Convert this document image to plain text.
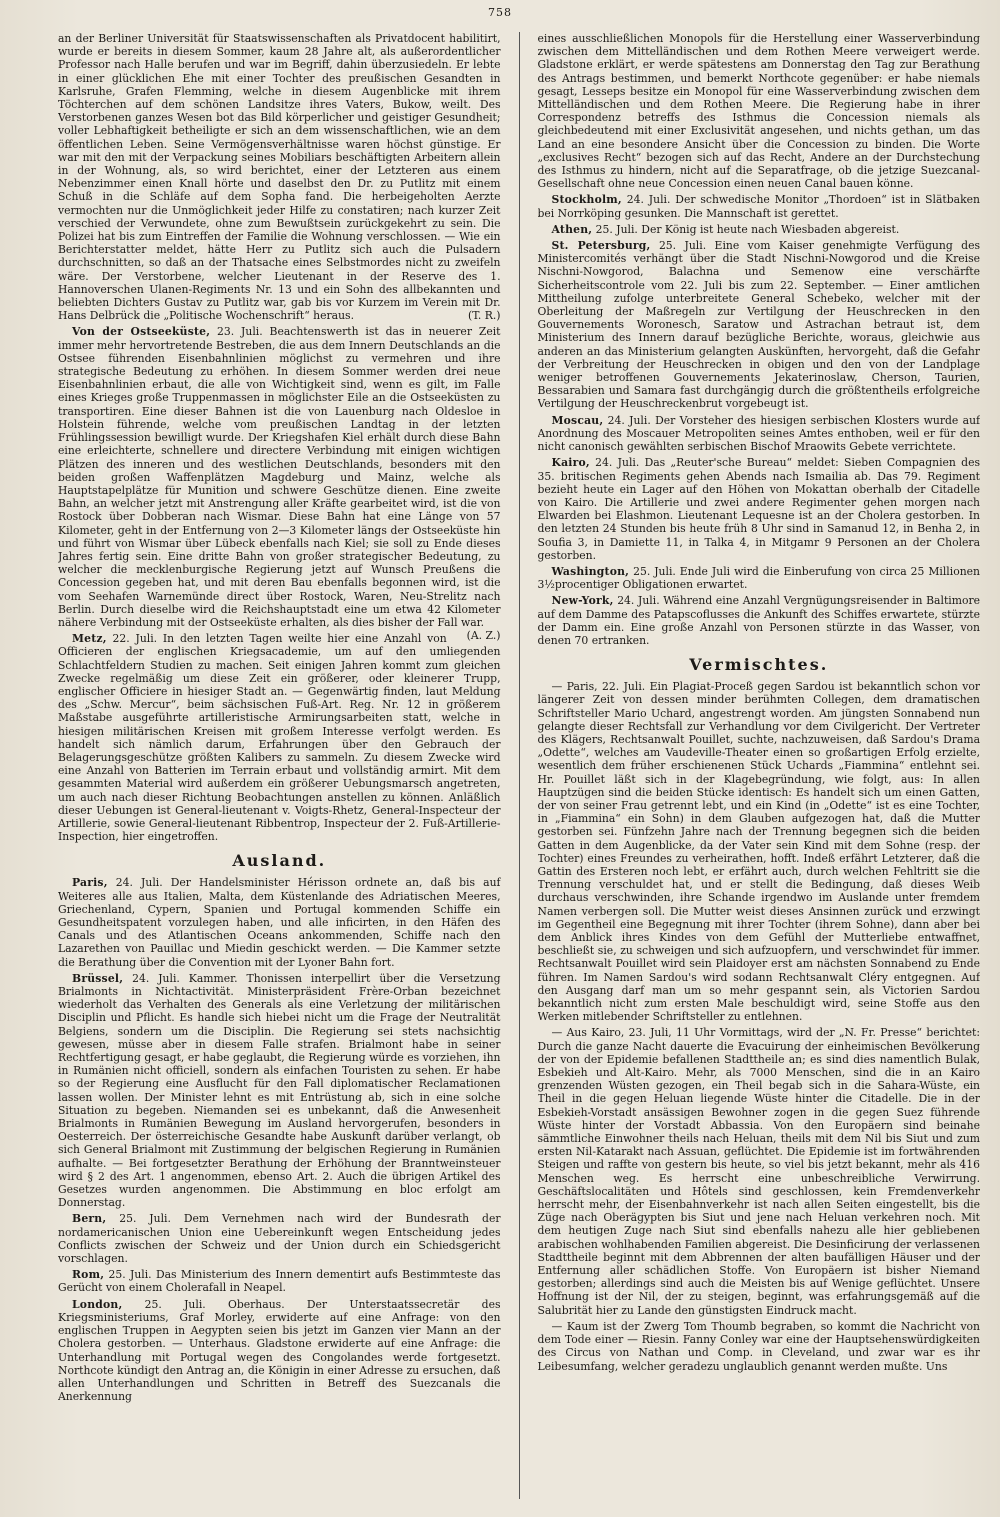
758

an der Berliner Universität für Staatswissenschaften als Privatdocent habilitirt, wurde er bereits in diesem Sommer, kaum 28 Jahre alt, als außerordentlicher Professor nach Halle berufen und war im Begriff, dahin überzusiedeln. Er lebte in einer glücklichen Ehe mit einer Tochter des preußischen Gesandten in Karlsruhe, Grafen Flemming, welche in diesem Augenblicke mit ihrem Töchterchen auf dem schönen Landsitze ihres Vaters, Bukow, weilt. Des Verstorbenen ganzes Wesen bot das Bild körperlicher und geistiger Gesundheit; voller Lebhaftigkeit betheiligte er sich an dem wissenschaftlichen, wie an dem öffentlichen Leben. Seine Vermögensverhältnisse waren höchst günstige. Er war mit den mit der Verpackung seines Mobiliars beschäftigten Arbeitern allein in der Wohnung, als, so wird berichtet, einer der Letzteren aus einem Nebenzimmer einen Knall hörte und daselbst den Dr. zu Putlitz mit einem Schuß in die Schläfe auf dem Sopha fand. Die herbeigeholten Aerzte vermochten nur die Unmöglichkeit jeder Hilfe zu constatiren; nach kurzer Zeit verschied der Verwundete, ohne zum Bewußtsein zurückgekehrt zu sein. Die Polizei hat bis zum Eintreffen der Familie die Wohnung verschlossen. — Wie ein Berichterstatter meldet, hätte Herr zu Putlitz sich auch die Pulsadern durchschnitten, so daß an der Thatsache eines Selbstmordes nicht zu zweifeln wäre. Der Verstorbene, welcher Lieutenant in der Reserve des 1. Hannoverschen Ulanen-Regiments Nr. 13 und ein Sohn des allbekannten und beliebten Dichters Gustav zu Putlitz war, gab bis vor Kurzem im Verein mit Dr. Hans Delbrück die „Politische Wochenschrift“ heraus.	(T. R.)

Von der Ostseeküste, 23. Juli. Beachtenswerth ist das in neuerer Zeit immer mehr hervortretende Bestreben, die aus dem Innern Deutschlands an die Ostsee führenden Eisenbahnlinien möglichst zu vermehren und ihre strategische Bedeutung zu erhöhen. In diesem Sommer werden drei neue Eisenbahnlinien erbaut, die alle von Wichtigkeit sind, wenn es gilt, im Falle eines Krieges große Truppenmassen in möglichster Eile an die Ostseeküsten zu transportiren. Eine dieser Bahnen ist die von Lauenburg nach Oldesloe in Holstein führende, welche vom preußischen Landtag in der letzten Frühlingssession bewilligt wurde. Der Kriegshafen Kiel erhält durch diese Bahn eine erleichterte, schnellere und directere Verbindung mit einigen wichtigen Plätzen des inneren und des westlichen Deutschlands, besonders mit den beiden großen Waffenplätzen Magdeburg und Mainz, welche als Hauptstapelplätze für Munition und schwere Geschütze dienen. Eine zweite Bahn, an welcher jetzt mit Anstrengung aller Kräfte gearbeitet wird, ist die von Rostock über Dobberan nach Wismar. Diese Bahn hat eine Länge von 57 Kilometer, geht in der Entfernung von 2—3 Kilometer längs der Ostseeküste hin und führt von Wismar über Lübeck ebenfalls nach Kiel; sie soll zu Ende dieses Jahres fertig sein. Eine dritte Bahn von großer strategischer Bedeutung, zu welcher die mecklenburgische Regierung jetzt auf Wunsch Preußens die Concession gegeben hat, und mit deren Bau ebenfalls begonnen wird, ist die vom Seehafen Warnemünde direct über Rostock, Waren, Neu-Strelitz nach Berlin. Durch dieselbe wird die Reichshauptstadt eine um etwa 42 Kilometer nähere Verbindung mit der Ostseeküste erhalten, als dies bisher der Fall war.
(A. Z.)

Metz, 22. Juli. In den letzten Tagen weilte hier eine Anzahl von Officieren der englischen Kriegsacademie, um auf den umliegenden Schlachtfeldern Studien zu machen. Seit einigen Jahren kommt zum gleichen Zwecke regelmäßig um diese Zeit ein größerer, oder kleinerer Trupp, englischer Officiere in hiesiger Stadt an. — Gegenwärtig finden, laut Meldung des „Schw. Mercur“, beim sächsischen Fuß-Art. Reg. Nr. 12 in größerem Maßstabe ausgeführte artilleristische Armirungsarbeiten statt, welche in hiesigen militärischen Kreisen mit großem Interesse verfolgt werden. Es handelt sich nämlich darum, Erfahrungen über den Gebrauch der Belagerungsgeschütze größten Kalibers zu sammeln. Zu diesem Zwecke wird eine Anzahl von Batterien im Terrain erbaut und vollständig armirt. Mit dem gesammten Material wird außerdem ein größerer Uebungsmarsch angetreten, um auch nach dieser Richtung Beobachtungen anstellen zu können. Anläßlich dieser Uebungen ist General-lieutenant v. Voigts-Rhetz, General-Inspecteur der Artillerie, sowie General-lieutenant Ribbentrop, Inspecteur der 2. Fuß-Artillerie-Inspection, hier eingetroffen.

Ausland.

Paris, 24. Juli. Der Handelsminister Hérisson ordnete an, daß bis auf Weiteres alle aus Italien, Malta, dem Küstenlande des Adriatischen Meeres, Griechenland, Cypern, Spanien und Portugal kommenden Schiffe ein Gesundheitspatent vorzulegen haben, und alle inficirten, in den Häfen des Canals und des Atlantischen Oceans ankommenden, Schiffe nach den Lazarethen von Pauillac und Miedin geschickt werden. — Die Kammer setzte die Berathung über die Convention mit der Lyoner Bahn fort.

Brüssel, 24. Juli. Kammer. Thonissen interpellirt über die Versetzung Brialmonts in Nichtactivität. Ministerpräsident Frère-Orban bezeichnet wiederholt das Verhalten des Generals als eine Verletzung der militärischen Disciplin und Pflicht. Es handle sich hiebei nicht um die Frage der Neutralität Belgiens, sondern um die Disciplin. Die Regierung sei stets nachsichtig gewesen, müsse aber in diesem Falle strafen. Brialmont habe in seiner Rechtfertigung gesagt, er habe geglaubt, die Regierung würde es vorziehen, ihn in Rumänien nicht officiell, sondern als einfachen Touristen zu sehen. Er habe so der Regierung eine Ausflucht für den Fall diplomatischer Reclamationen lassen wollen. Der Minister lehnt es mit Entrüstung ab, sich in eine solche Situation zu begeben. Niemanden sei es unbekannt, daß die Anwesenheit Brialmonts in Rumänien Bewegung im Ausland hervorgerufen, besonders in Oesterreich. Der österreichische Gesandte habe Auskunft darüber verlangt, ob sich General Brialmont mit Zustimmung der belgischen Regierung in Rumänien aufhalte. — Bei fortgesetzter Berathung der Erhöhung der Branntweinsteuer wird § 2 des Art. 1 angenommen, ebenso Art. 2. Auch die übrigen Artikel des Gesetzes wurden angenommen. Die Abstimmung en bloc erfolgt am Donnerstag.

Bern, 25. Juli. Dem Vernehmen nach wird der Bundesrath der nordamericanischen Union eine Uebereinkunft wegen Entscheidung jedes Conflicts zwischen der Schweiz und der Union durch ein Schiedsgericht vorschlagen.

Rom, 25. Juli. Das Ministerium des Innern dementirt aufs Bestimmteste das Gerücht von einem Cholerafall in Neapel.

London, 25. Juli. Oberhaus. Der Unterstaatssecretär des Kriegsministeriums, Graf Morley, erwiderte auf eine Anfrage: von den englischen Truppen in Aegypten seien bis jetzt im Ganzen vier Mann an der Cholera gestorben. — Unterhaus. Gladstone erwiderte auf eine Anfrage: die Unterhandlung mit Portugal wegen des Congolandes werde fortgesetzt. Northcote kündigt den Antrag an, die Königin in einer Adresse zu ersuchen, daß allen Unterhandlungen und Schritten in Betreff des Suezcanals die Anerkennung

eines ausschließlichen Monopols für die Herstellung einer Wasserverbindung zwischen dem Mittelländischen und dem Rothen Meere verweigert werde. Gladstone erklärt, er werde spätestens am Donnerstag den Tag zur Berathung des Antrags bestimmen, und bemerkt Northcote gegenüber: er habe niemals gesagt, Lesseps besitze ein Monopol für eine Wasserverbindung zwischen dem Mittelländischen und dem Rothen Meere. Die Regierung habe in ihrer Correspondenz betreffs des Isthmus die Concession niemals als gleichbedeutend mit einer Exclusivität angesehen, und nichts gethan, um das Land an eine besondere Ansicht über die Concession zu binden. Die Worte „exclusives Recht“ bezogen sich auf das Recht, Andere an der Durchstechung des Isthmus zu hindern, nicht auf die Separatfrage, ob die jetzige Suezcanal-Gesellschaft ohne neue Concession einen neuen Canal bauen könne.

Stockholm, 24. Juli. Der schwedische Monitor „Thordoen“ ist in Slätbaken bei Norrköping gesunken. Die Mannschaft ist gerettet.

Athen, 25. Juli. Der König ist heute nach Wiesbaden abgereist.

St. Petersburg, 25. Juli. Eine vom Kaiser genehmigte Verfügung des Ministercomités verhängt über die Stadt Nischni-Nowgorod und die Kreise Nischni-Nowgorod, Balachna und Semenow eine verschärfte Sicherheitscontrole vom 22. Juli bis zum 22. September. — Einer amtlichen Mittheilung zufolge unterbreitete General Schebeko, welcher mit der Oberleitung der Maßregeln zur Vertilgung der Heuschrecken in den Gouvernements Woronesch, Saratow und Astrachan betraut ist, dem Ministerium des Innern darauf bezügliche Berichte, woraus, gleichwie aus anderen an das Ministerium gelangten Auskünften, hervorgeht, daß die Gefahr der Verbreitung der Heuschrecken in obigen und den von der Landplage weniger betroffenen Gouvernements Jekaterinoslaw, Cherson, Taurien, Bessarabien und Samara fast durchgängig durch die größtentheils erfolgreiche Vertilgung der Heuschreckenbrut vorgebeugt ist.

Moscau, 24. Juli. Der Vorsteher des hiesigen serbischen Klosters wurde auf Anordnung des Moscauer Metropoliten seines Amtes enthoben, weil er für den nicht canonisch gewählten serbischen Bischof Mraowits Gebete verrichtete.

Kairo, 24. Juli. Das „Reuter'sche Bureau“ meldet: Sieben Compagnien des 35. britischen Regiments gehen Abends nach Ismailia ab. Das 79. Regiment bezieht heute ein Lager auf den Höhen von Mokattan oberhalb der Citadelle von Kairo. Die Artillerie und zwei andere Regimenter gehen morgen nach Elwarden bei Elashmon. Lieutenant Lequesne ist an der Cholera gestorben. In den letzten 24 Stunden bis heute früh 8 Uhr sind in Samanud 12, in Benha 2, in Soufia 3, in Damiette 11, in Talka 4, in Mitgamr 9 Personen an der Cholera gestorben.

Washington, 25. Juli. Ende Juli wird die Einberufung von circa 25 Millionen 3½procentiger Obligationen erwartet.

New-York, 24. Juli. Während eine Anzahl Vergnügungsreisender in Baltimore auf dem Damme des Patapscoflusses die Ankunft des Schiffes erwartete, stürzte der Damm ein. Eine große Anzahl von Personen stürzte in das Wasser, von denen 70 ertranken.

Vermischtes.

— Paris, 22. Juli. Ein Plagiat-Proceß gegen Sardou ist bekanntlich schon vor längerer Zeit von dessen minder berühmten Collegen, dem dramatischen Schriftsteller Mario Uchard, angestrengt worden. Am jüngsten Sonnabend nun gelangte dieser Rechtsfall zur Verhandlung vor dem Civilgericht. Der Vertreter des Klägers, Rechtsanwalt Pouillet, suchte, nachzuweisen, daß Sardou's Drama „Odette“, welches am Vaudeville-Theater einen so großartigen Erfolg erzielte, wesentlich dem früher erschienenen Stück Uchards „Fiammina“ entlehnt sei. Hr. Pouillet läßt sich in der Klagebegründung, wie folgt, aus: In allen Hauptzügen sind die beiden Stücke identisch: Es handelt sich um einen Gatten, der von seiner Frau getrennt lebt, und ein Kind (in „Odette“ ist es eine Tochter, in „Fiammina“ ein Sohn) in dem Glauben aufgezogen hat, daß die Mutter gestorben sei. Fünfzehn Jahre nach der Trennung begegnen sich die beiden Gatten in dem Augenblicke, da der Vater sein Kind mit dem Sohne (resp. der Tochter) eines Freundes zu verheirathen, hofft. Indeß erfährt Letzterer, daß die Gattin des Ersteren noch lebt, er erfährt auch, durch welchen Fehltritt sie die Trennung verschuldet hat, und er stellt die Bedingung, daß dieses Weib durchaus verschwinden, ihre Schande irgendwo im Auslande unter fremdem Namen verbergen soll. Die Mutter weist dieses Ansinnen zurück und erzwingt im Gegentheil eine Begegnung mit ihrer Tochter (ihrem Sohne), dann aber bei dem Anblick ihres Kindes von dem Gefühl der Mutterliebe entwaffnet, beschließt sie, zu schweigen und sich aufzuopfern, und verschwindet für immer. Rechtsanwalt Pouillet wird sein Plaidoyer erst am nächsten Sonnabend zu Ende führen. Im Namen Sardou's wird sodann Rechtsanwalt Cléry entgegnen. Auf den Ausgang darf man um so mehr gespannt sein, als Victorien Sardou bekanntlich nicht zum ersten Male beschuldigt wird, seine Stoffe aus den Werken mitlebender Schriftsteller zu entlehnen.

— Aus Kairo, 23. Juli, 11 Uhr Vormittags, wird der „N. Fr. Presse“ berichtet: Durch die ganze Nacht dauerte die Evacuirung der einheimischen Bevölkerung der von der Epidemie befallenen Stadttheile an; es sind dies namentlich Bulak, Esbekieh und Alt-Kairo. Mehr, als 7000 Menschen, sind die in an Kairo grenzenden Wüsten gezogen, ein Theil begab sich in die Sahara-Wüste, ein Theil in die gegen Heluan liegende Wüste hinter die Citadelle. Die in der Esbekieh-Vorstadt ansässigen Bewohner zogen in die gegen Suez führende Wüste hinter der Vorstadt Abbassia. Von den Europäern sind beinahe sämmtliche Einwohner theils nach Heluan, theils mit dem Nil bis Siut und zum ersten Nil-Katarakt nach Assuan, geflüchtet. Die Epidemie ist im fortwährenden Steigen und raffte von gestern bis heute, so viel bis jetzt bekannt, mehr als 416 Menschen weg. Es herrscht eine unbeschreibliche Verwirrung. Geschäftslocalitäten und Hôtels sind geschlossen, kein Fremdenverkehr herrscht mehr, der Eisenbahnverkehr ist nach allen Seiten eingestellt, bis die Züge nach Oberägypten bis Siut und jene nach Heluan verkehren noch. Mit dem heutigen Zuge nach Siut sind ebenfalls nahezu alle hier gebliebenen arabischen wohlhabenden Familien abgereist. Die Desinficirung der verlassenen Stadttheile beginnt mit dem Abbrennen der alten baufälligen Häuser und der Entfernung aller schädlichen Stoffe. Von Europäern ist bisher Niemand gestorben; allerdings sind auch die Meisten bis auf Wenige geflüchtet. Unsere Hoffnung ist der Nil, der zu steigen, beginnt, was erfahrungsgemäß auf die Salubrität hier zu Lande den günstigsten Eindruck macht.

— Kaum ist der Zwerg Tom Thoumb begraben, so kommt die Nachricht von dem Tode einer — Riesin. Fanny Conley war eine der Hauptsehenswürdigkeiten des Circus von Nathan und Comp. in Cleveland, und zwar war es ihr Leibesumfang, welcher geradezu unglaublich genannt werden mußte. Uns
